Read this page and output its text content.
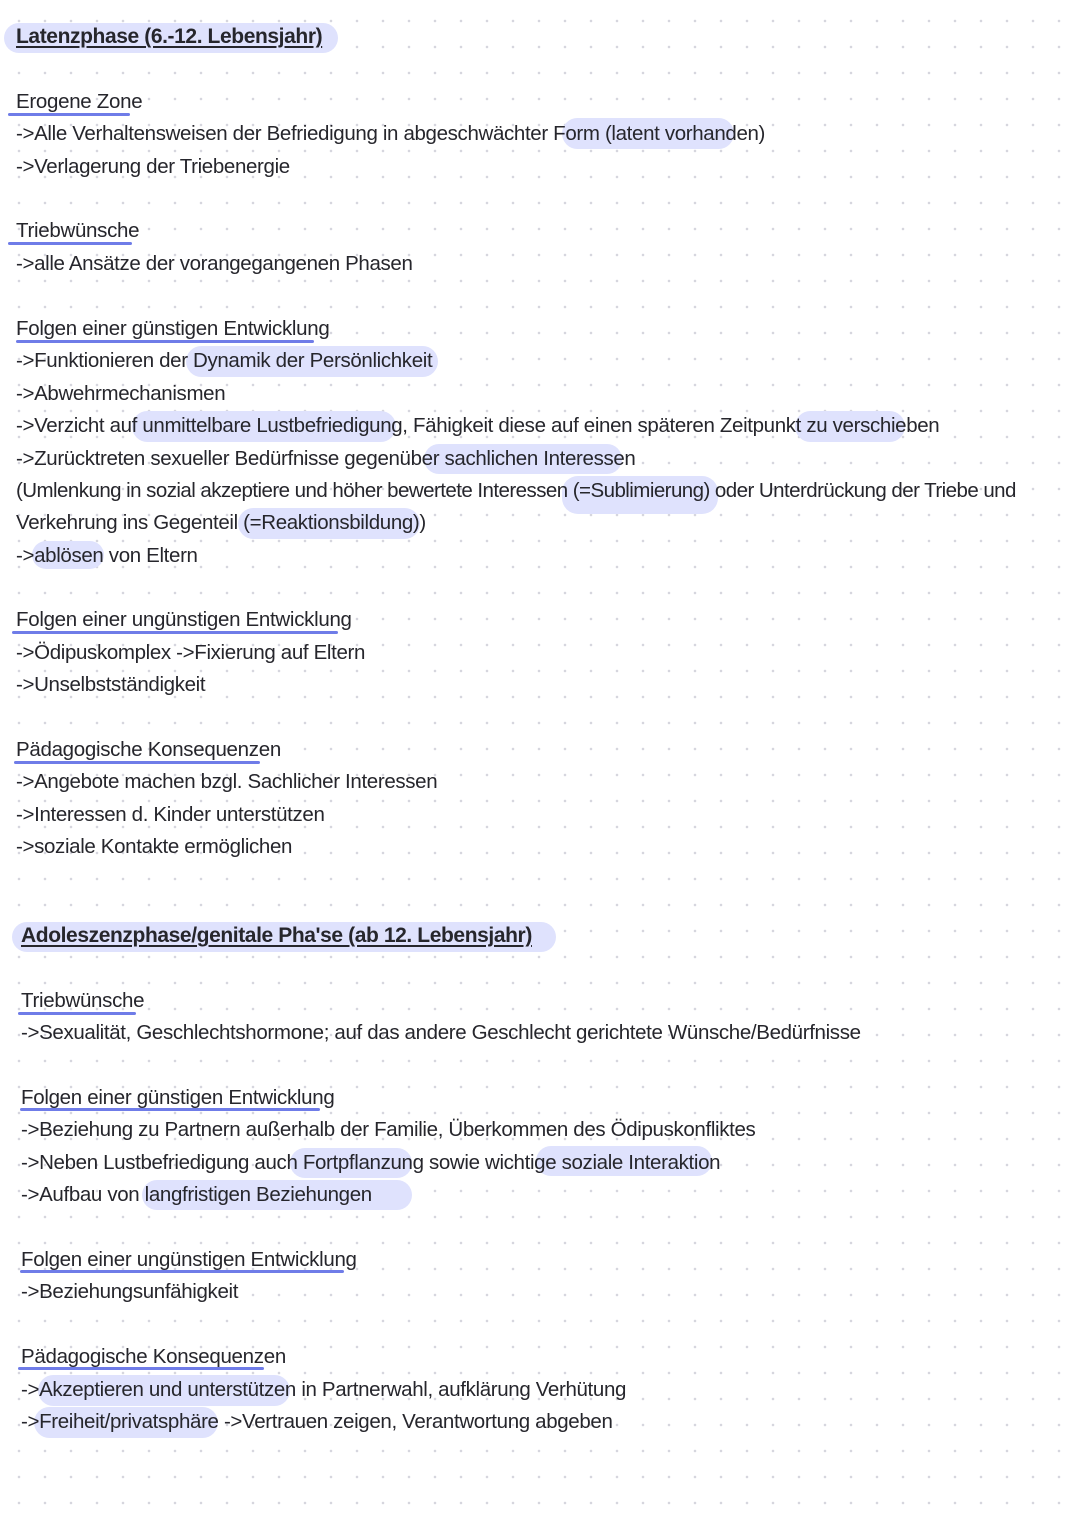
Latenzphase (6.-12. Lebensjahr)
Erogene Zone
->Alle Verhaltensweisen der Befriedigung in abgeschwächter Form (latent vorhanden)
->Verlagerung der Triebenergie
Triebwünsche
->alle Ansätze der vorangegangenen Phasen
Folgen einer günstigen Entwicklung
->Funktionieren der Dynamik der Persönlichkeit
->Abwehrmechanismen
->Verzicht auf unmittelbare Lustbefriedigung, Fähigkeit diese auf einen späteren Zeitpunkt zu verschieben
->Zurücktreten sexueller Bedürfnisse gegenüber sachlichen Interessen
(Umlenkung in sozial akzeptiere und höher bewertete Interessen (=Sublimierung) oder Unterdrückung der Triebe und
Verkehrung ins Gegenteil (=Reaktionsbildung))
->ablösen von Eltern
Folgen einer ungünstigen Entwicklung
->Ödipuskomplex ->Fixierung auf Eltern
->Unselbstständigkeit
Pädagogische Konsequenzen
->Angebote machen bzgl. Sachlicher Interessen
->Interessen d. Kinder unterstützen
->soziale Kontakte ermöglichen
Adoleszenzphase/genitale Pha'se (ab 12. Lebensjahr)
Triebwünsche
->Sexualität, Geschlechtshormone; auf das andere Geschlecht gerichtete Wünsche/Bedürfnisse
Folgen einer günstigen Entwicklung
->Beziehung zu Partnern außerhalb der Familie, Überkommen des Ödipuskonfliktes
->Neben Lustbefriedigung auch Fortpflanzung sowie wichtige soziale Interaktion
->Aufbau von langfristigen Beziehungen
Folgen einer ungünstigen Entwicklung
->Beziehungsunfähigkeit
Pädagogische Konsequenzen
->Akzeptieren und unterstützen in Partnerwahl, aufklärung Verhütung
->Freiheit/privatsphäre ->Vertrauen zeigen, Verantwortung abgeben
